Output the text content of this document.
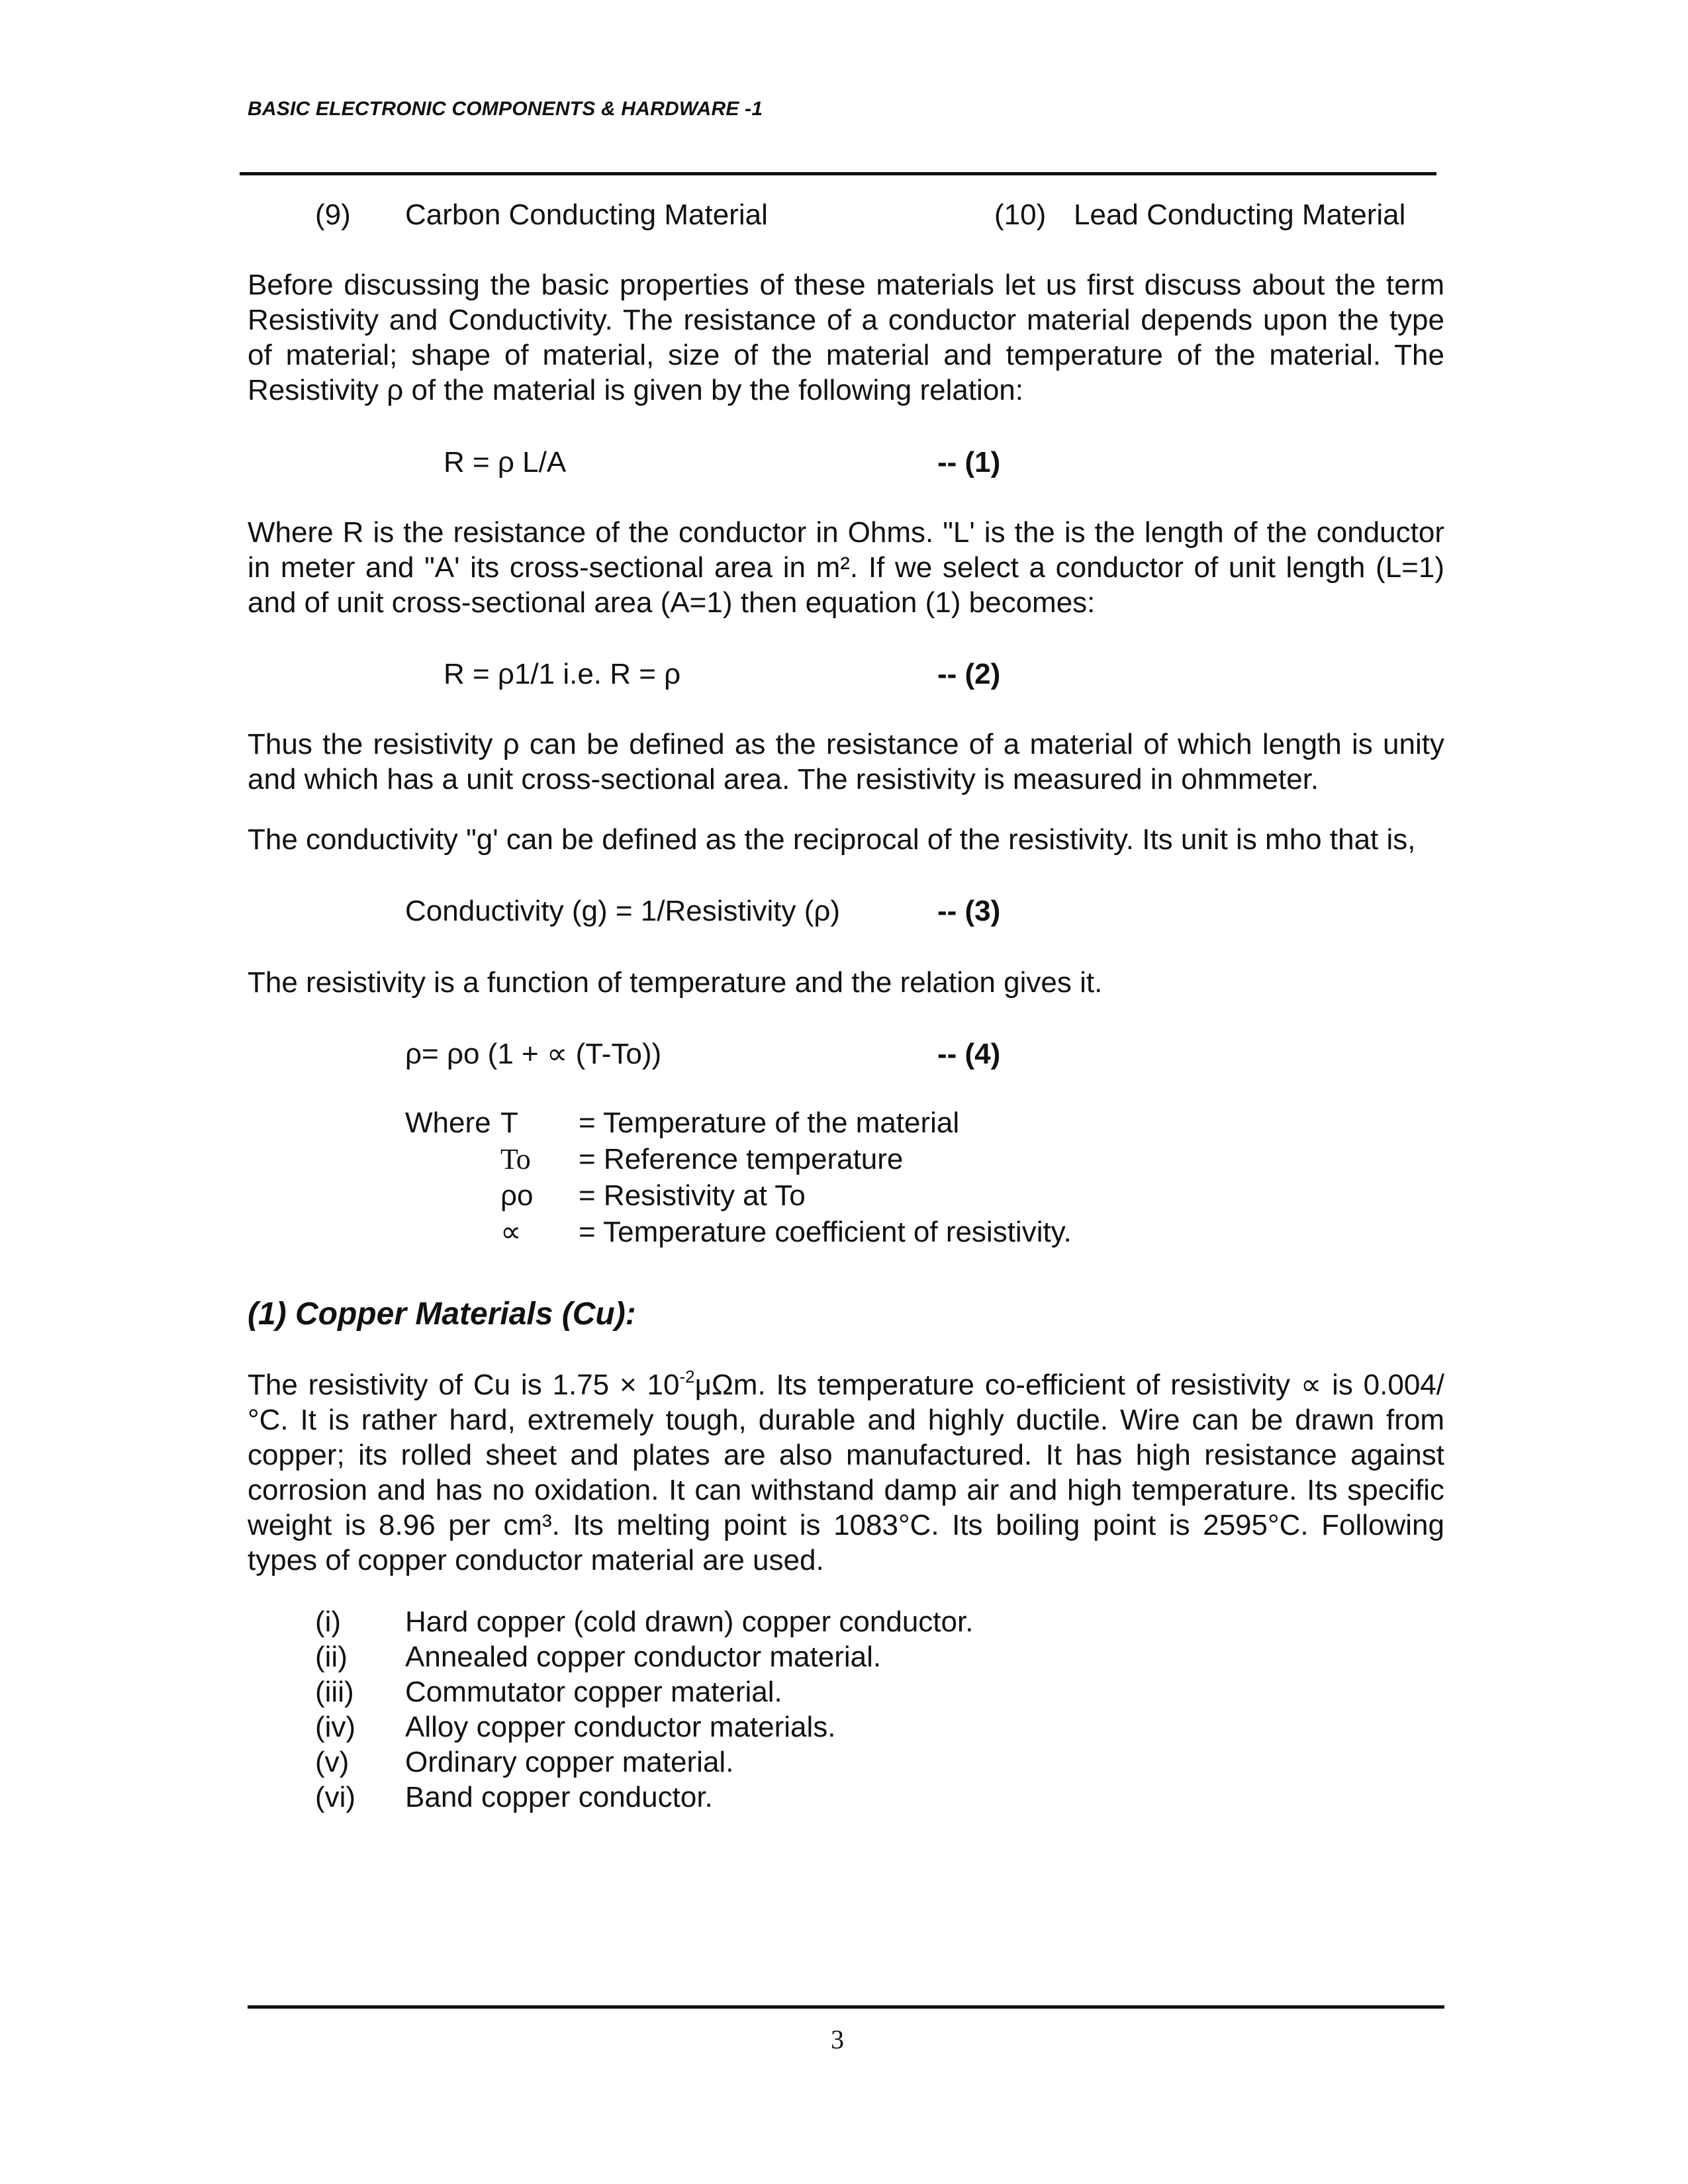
BASIC ELECTRONIC COMPONENTS & HARDWARE -1
(9) Carbon Conducting Material	(10) Lead Conducting Material
Before discussing the basic properties of these materials let us first discuss about the term Resistivity and Conductivity. The resistance of a conductor material depends upon the type of material; shape of material, size of the material and temperature of the material. The Resistivity ρ of the material is given by the following relation:
R = ρ L/A	-- (1)
Where R is the resistance of the conductor in Ohms. "L' is the is the length of the conductor in meter and "A' its cross-sectional area in m². If we select a conductor of unit length (L=1) and of unit cross-sectional area (A=1) then equation (1) becomes:
R = ρ1/1 i.e. R = ρ	-- (2)
Thus the resistivity ρ can be defined as the resistance of a material of which length is unity and which has a unit cross-sectional area. The resistivity is measured in ohmmeter.
The conductivity "g' can be defined as the reciprocal of the resistivity. Its unit is mho that is,
Conductivity (g) = 1/Resistivity (ρ)	-- (3)
The resistivity is a function of temperature and the relation gives it.
ρ= ρo (1 + ∝ (T-To))	-- (4)
Where T = Temperature of the material
To = Reference temperature
ρo = Resistivity at To
∝ = Temperature coefficient of resistivity.
(1) Copper Materials (Cu):
The resistivity of Cu is $1.75 \times 10^{-2}\mu\Omega m$. Its temperature co-efficient of resistivity ∝ is 0.004/°C. It is rather hard, extremely tough, durable and highly ductile. Wire can be drawn from copper; its rolled sheet and plates are also manufactured. It has high resistance against corrosion and has no oxidation. It can withstand damp air and high temperature. Its specific weight is 8.96 per cm³. Its melting point is 1083°C. Its boiling point is 2595°C. Following types of copper conductor material are used.
(i) Hard copper (cold drawn) copper conductor.
(ii) Annealed copper conductor material.
(iii) Commutator copper material.
(iv) Alloy copper conductor materials.
(v) Ordinary copper material.
(vi) Band copper conductor.
3
